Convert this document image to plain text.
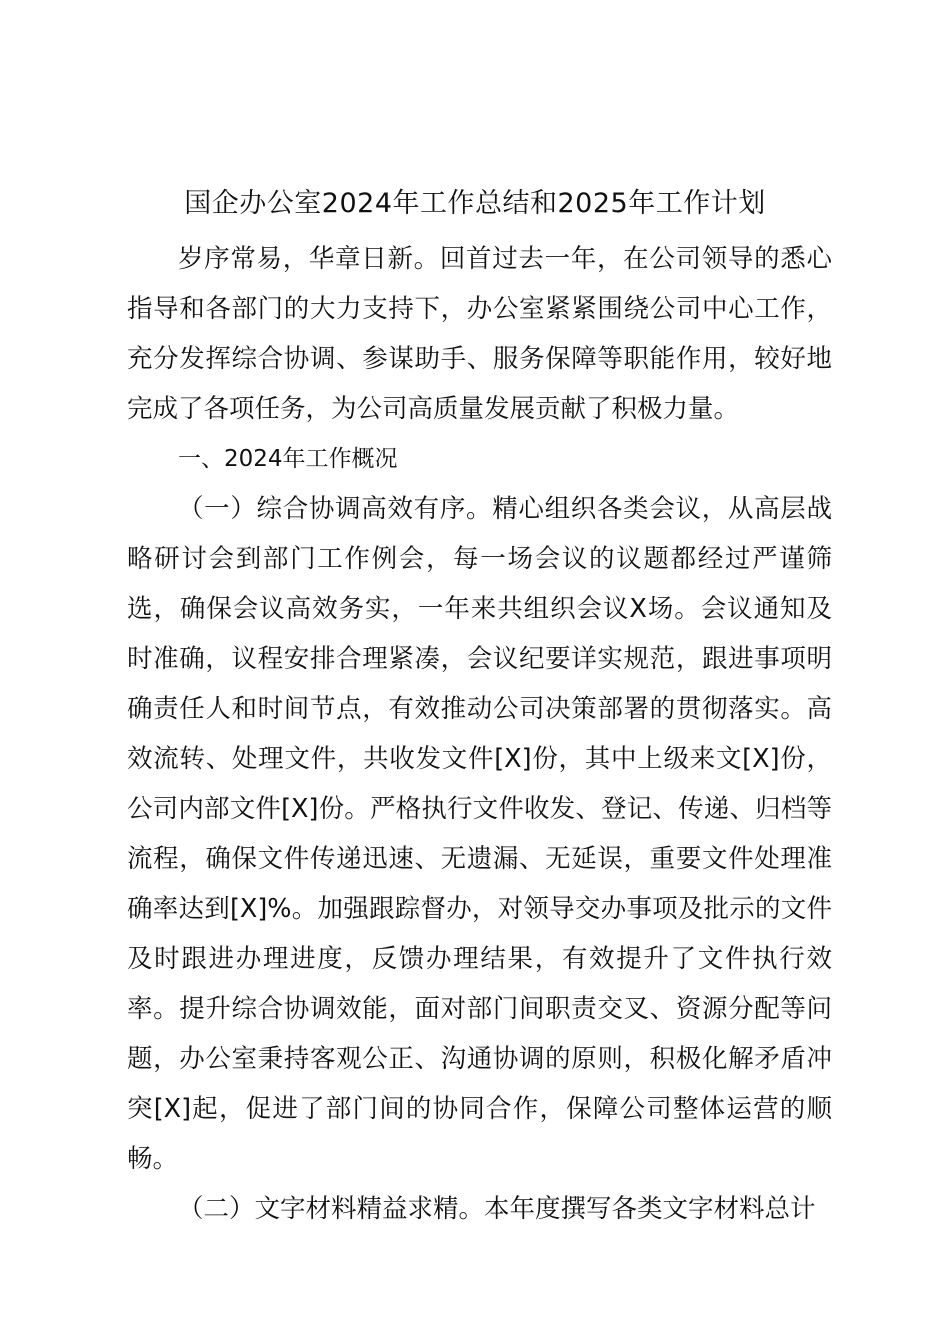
国企办公室2024年工作总结和2025年工作计划

岁序常易，华章日新。回首过去一年，在公司领导的悉心指导和各部门的大力支持下，办公室紧紧围绕公司中心工作，充分发挥综合协调、参谋助手、服务保障等职能作用，较好地完成了各项任务，为公司高质量发展贡献了积极力量。

一、2024年工作概况

（一）综合协调高效有序。精心组织各类会议，从高层战略研讨会到部门工作例会，每一场会议的议题都经过严谨筛选，确保会议高效务实，一年来共组织会议X场。会议通知及时准确，议程安排合理紧凑，会议纪要详实规范，跟进事项明确责任人和时间节点，有效推动公司决策部署的贯彻落实。高效流转、处理文件，共收发文件[X]份，其中上级来文[X]份，公司内部文件[X]份。严格执行文件收发、登记、传递、归档等流程，确保文件传递迅速、无遗漏、无延误，重要文件处理准确率达到[X]%。加强跟踪督办，对领导交办事项及批示的文件及时跟进办理进度，反馈办理结果，有效提升了文件执行效率。提升综合协调效能，面对部门间职责交叉、资源分配等问题，办公室秉持客观公正、沟通协调的原则，积极化解矛盾冲突[X]起，促进了部门间的协同合作，保障公司整体运营的顺畅。

（二）文字材料精益求精。本年度撰写各类文字材料总计
